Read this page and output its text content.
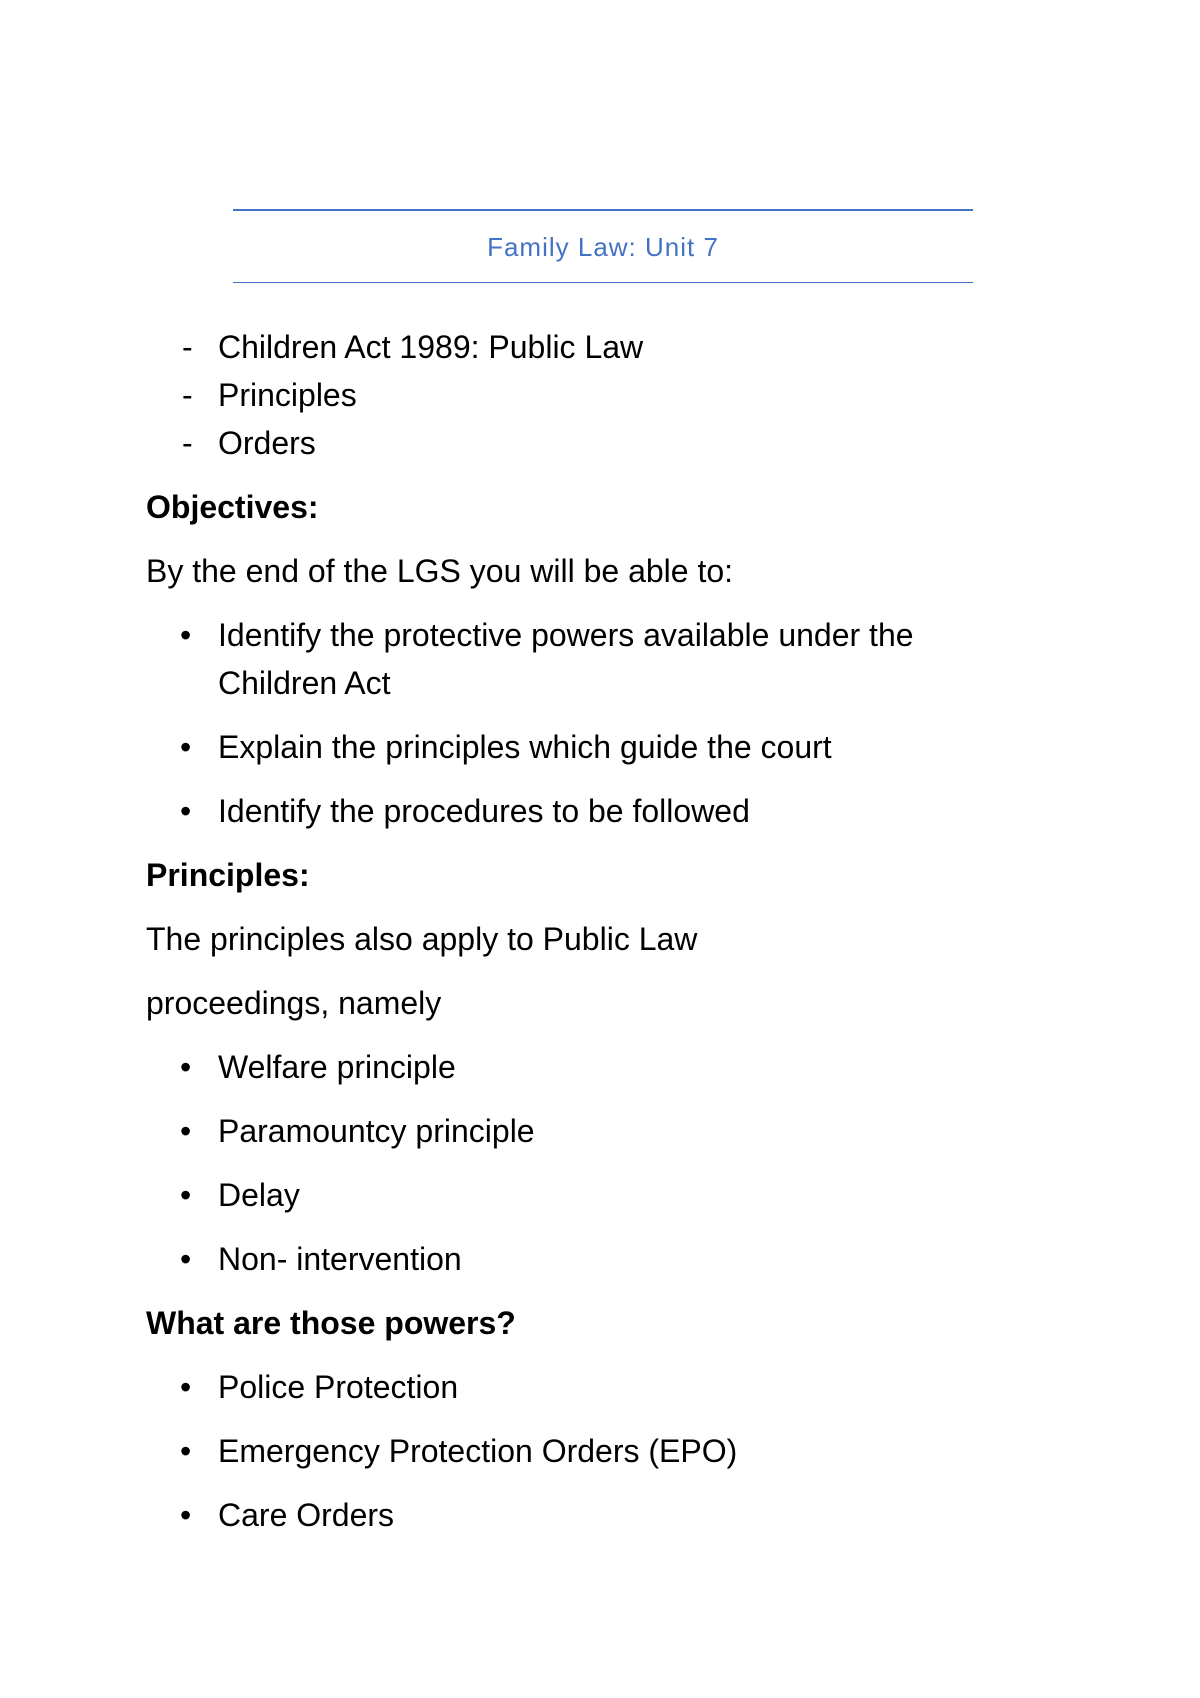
Family Law: Unit 7
- Children Act 1989: Public Law
- Principles
- Orders
Objectives:
By the end of the LGS you will be able to:
• Identify the protective powers available under the
Children Act
• Explain the principles which guide the court
• Identify the procedures to be followed
Principles:
The principles also apply to Public Law
proceedings, namely
• Welfare principle
• Paramountcy principle
• Delay
• Non- intervention
What are those powers?
• Police Protection
• Emergency Protection Orders (EPO)
• Care Orders
